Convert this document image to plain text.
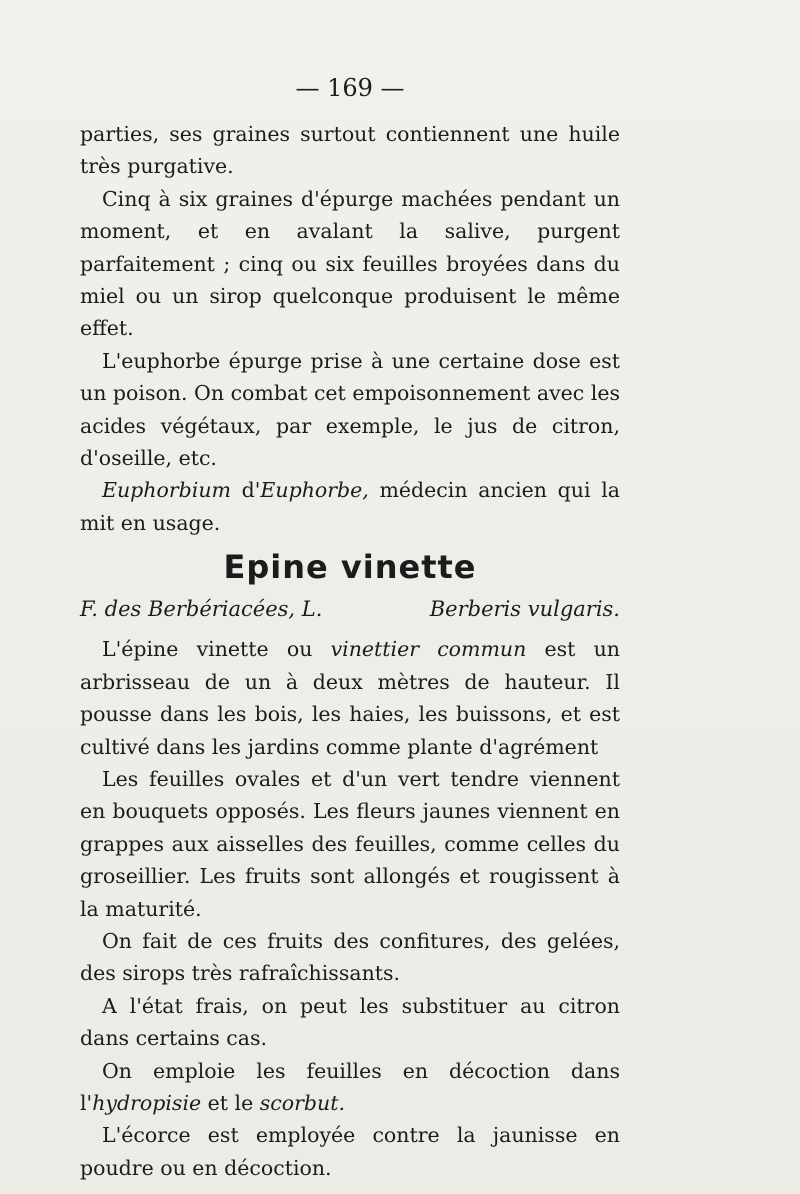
— 169 —

parties, ses graines surtout contiennent une huile très purgative.

Cinq à six graines d'épurge machées pendant un moment, et en avalant la salive, purgent parfaitement ; cinq ou six feuilles broyées dans du miel ou un sirop quelconque produisent le même effet.

L'euphorbe épurge prise à une certaine dose est un poison. On combat cet empoisonnement avec les acides végétaux, par exemple, le jus de citron, d'oseille, etc.

Euphorbium d'Euphorbe, médecin ancien qui la mit en usage.

Epine vinette
F. des Berbériacées, L.	Berberis vulgaris.

L'épine vinette ou vinettier commun est un arbrisseau de un à deux mètres de hauteur. Il pousse dans les bois, les haies, les buissons, et est cultivé dans les jardins comme plante d'agrément

Les feuilles ovales et d'un vert tendre viennent en bouquets opposés. Les fleurs jaunes viennent en grappes aux aisselles des feuilles, comme celles du groseillier. Les fruits sont allongés et rougissent à la maturité.

On fait de ces fruits des confitures, des gelées, des sirops très rafraîchissants.

A l'état frais, on peut les substituer au citron dans certains cas.

On emploie les feuilles en décoction dans l'hydropisie et le scorbut.

L'écorce est employée contre la jaunisse en poudre ou en décoction.
